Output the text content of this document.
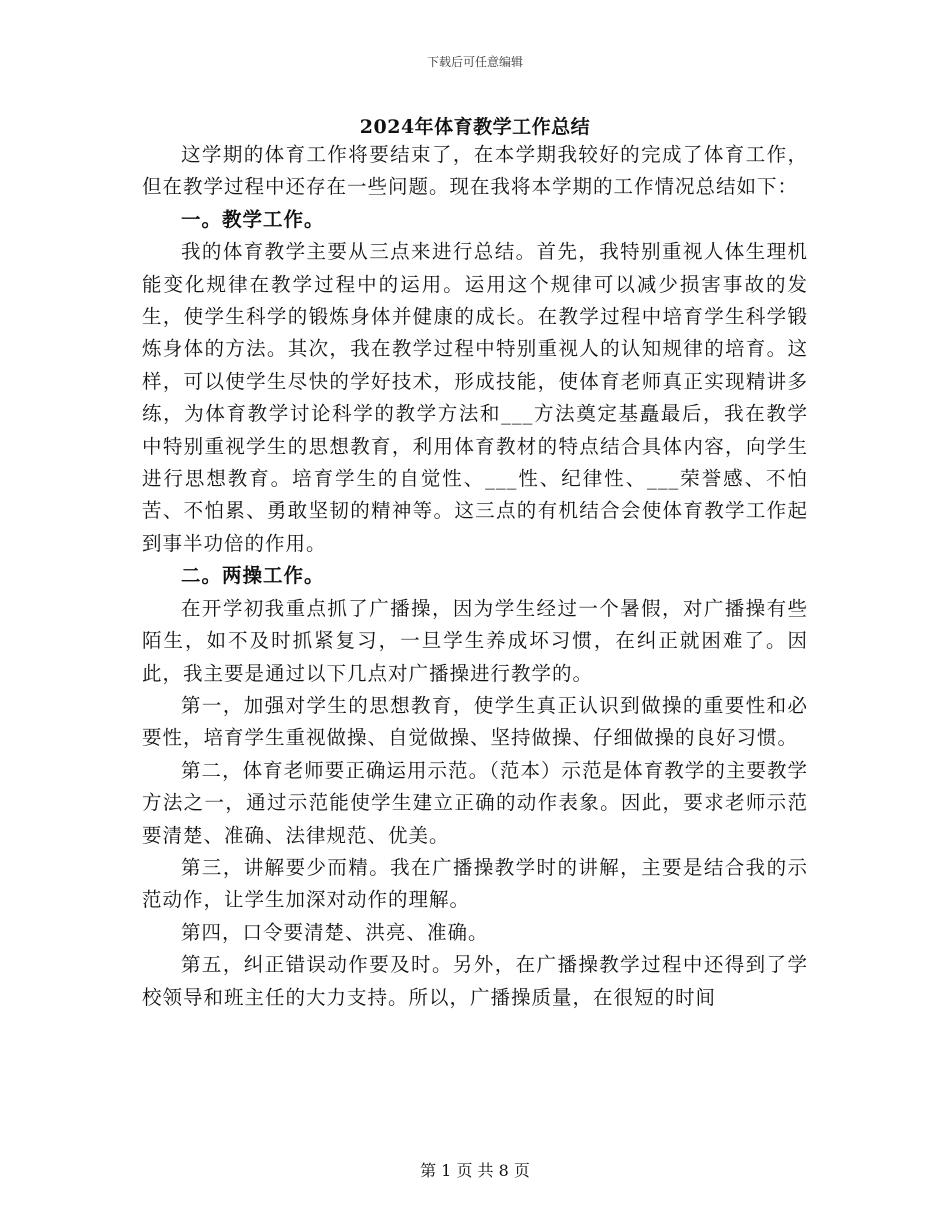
下载后可任意编辑
2024年体育教学工作总结

这学期的体育工作将要结束了，在本学期我较好的完成了体育工作，但在教学过程中还存在一些问题。现在我将本学期的工作情况总结如下：

一。教学工作。

我的体育教学主要从三点来进行总结。首先，我特别重视人体生理机能变化规律在教学过程中的运用。运用这个规律可以减少损害事故的发生，使学生科学的锻炼身体并健康的成长。在教学过程中培育学生科学锻炼身体的方法。其次，我在教学过程中特别重视人的认知规律的培育。这样，可以使学生尽快的学好技术，形成技能，使体育老师真正实现精讲多练，为体育教学讨论科学的教学方法和___方法奠定基矗最后，我在教学中特别重视学生的思想教育，利用体育教材的特点结合具体内容，向学生进行思想教育。培育学生的自觉性、___性、纪律性、___荣誉感、不怕苦、不怕累、勇敢坚韧的精神等。这三点的有机结合会使体育教学工作起到事半功倍的作用。

二。两操工作。

在开学初我重点抓了广播操，因为学生经过一个暑假，对广播操有些陌生，如不及时抓紧复习，一旦学生养成坏习惯，在纠正就困难了。因此，我主要是通过以下几点对广播操进行教学的。

第一，加强对学生的思想教育，使学生真正认识到做操的重要性和必要性，培育学生重视做操、自觉做操、坚持做操、仔细做操的良好习惯。

第二，体育老师要正确运用示范。（范本）示范是体育教学的主要教学方法之一，通过示范能使学生建立正确的动作表象。因此，要求老师示范要清楚、准确、法律规范、优美。

第三，讲解要少而精。我在广播操教学时的讲解，主要是结合我的示范动作，让学生加深对动作的理解。

第四，口令要清楚、洪亮、准确。

第五，纠正错误动作要及时。另外，在广播操教学过程中还得到了学校领导和班主任的大力支持。所以，广播操质量，在很短的时间

第 1 页 共 8 页
